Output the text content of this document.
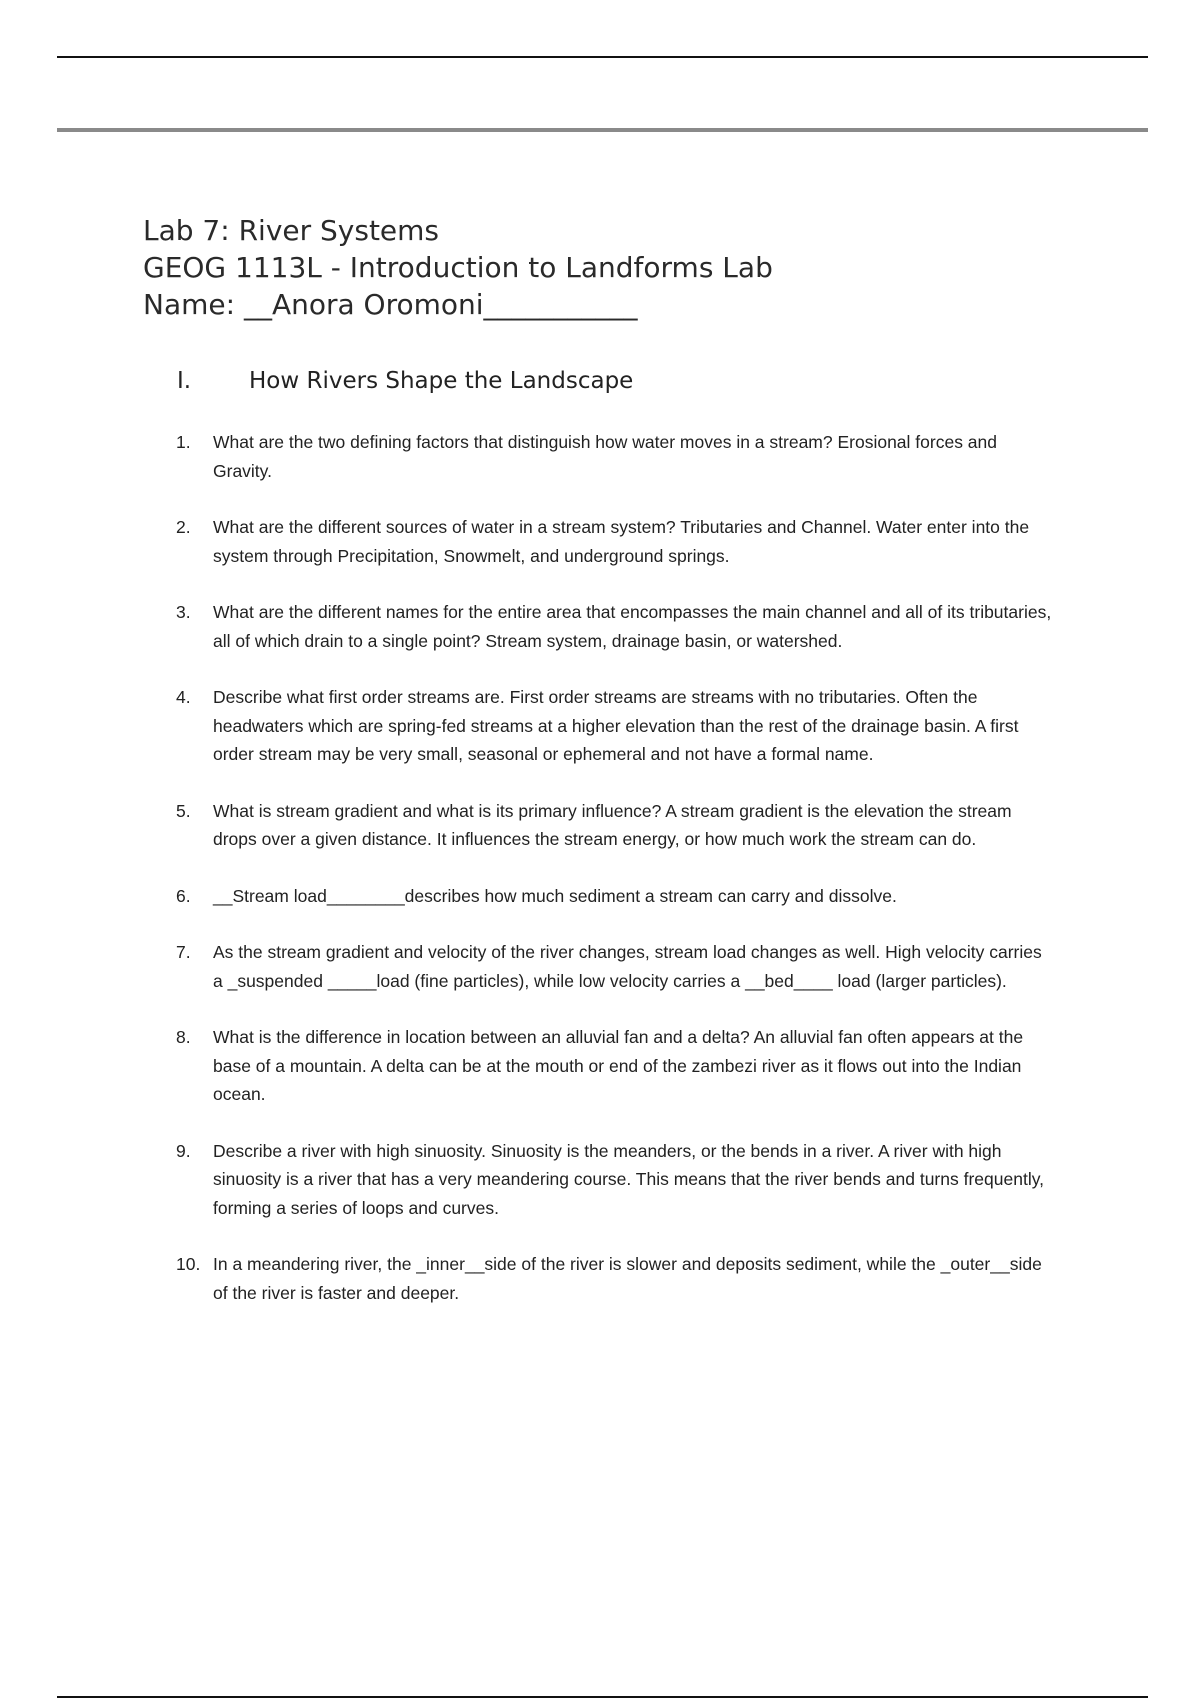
Lab 7: River Systems
GEOG 1113L - Introduction to Landforms Lab
Name: __Anora Oromoni___________
I.	How Rivers Shape the Landscape
1. What are the two defining factors that distinguish how water moves in a stream? Erosional forces and Gravity.
2. What are the different sources of water in a stream system? Tributaries and Channel. Water enter into the system through Precipitation, Snowmelt, and underground springs.
3. What are the different names for the entire area that encompasses the main channel and all of its tributaries, all of which drain to a single point? Stream system, drainage basin, or watershed.
4. Describe what first order streams are. First order streams are streams with no tributaries. Often the headwaters which are spring-fed streams at a higher elevation than the rest of the drainage basin. A first order stream may be very small, seasonal or ephemeral and not have a formal name.
5. What is stream gradient and what is its primary influence? A stream gradient is the elevation the stream drops over a given distance. It influences the stream energy, or how much work the stream can do.
6. __Stream load________describes how much sediment a stream can carry and dissolve.
7. As the stream gradient and velocity of the river changes, stream load changes as well. High velocity carries a _suspended _____load (fine particles), while low velocity carries a __bed____ load (larger particles).
8. What is the difference in location between an alluvial fan and a delta? An alluvial fan often appears at the base of a mountain. A delta can be at the mouth or end of the zambezi river as it flows out into the Indian ocean.
9. Describe a river with high sinuosity. Sinuosity is the meanders, or the bends in a river. A river with high sinuosity is a river that has a very meandering course. This means that the river bends and turns frequently, forming a series of loops and curves.
10. In a meandering river, the _inner__side of the river is slower and deposits sediment, while the _outer__side of the river is faster and deeper.
